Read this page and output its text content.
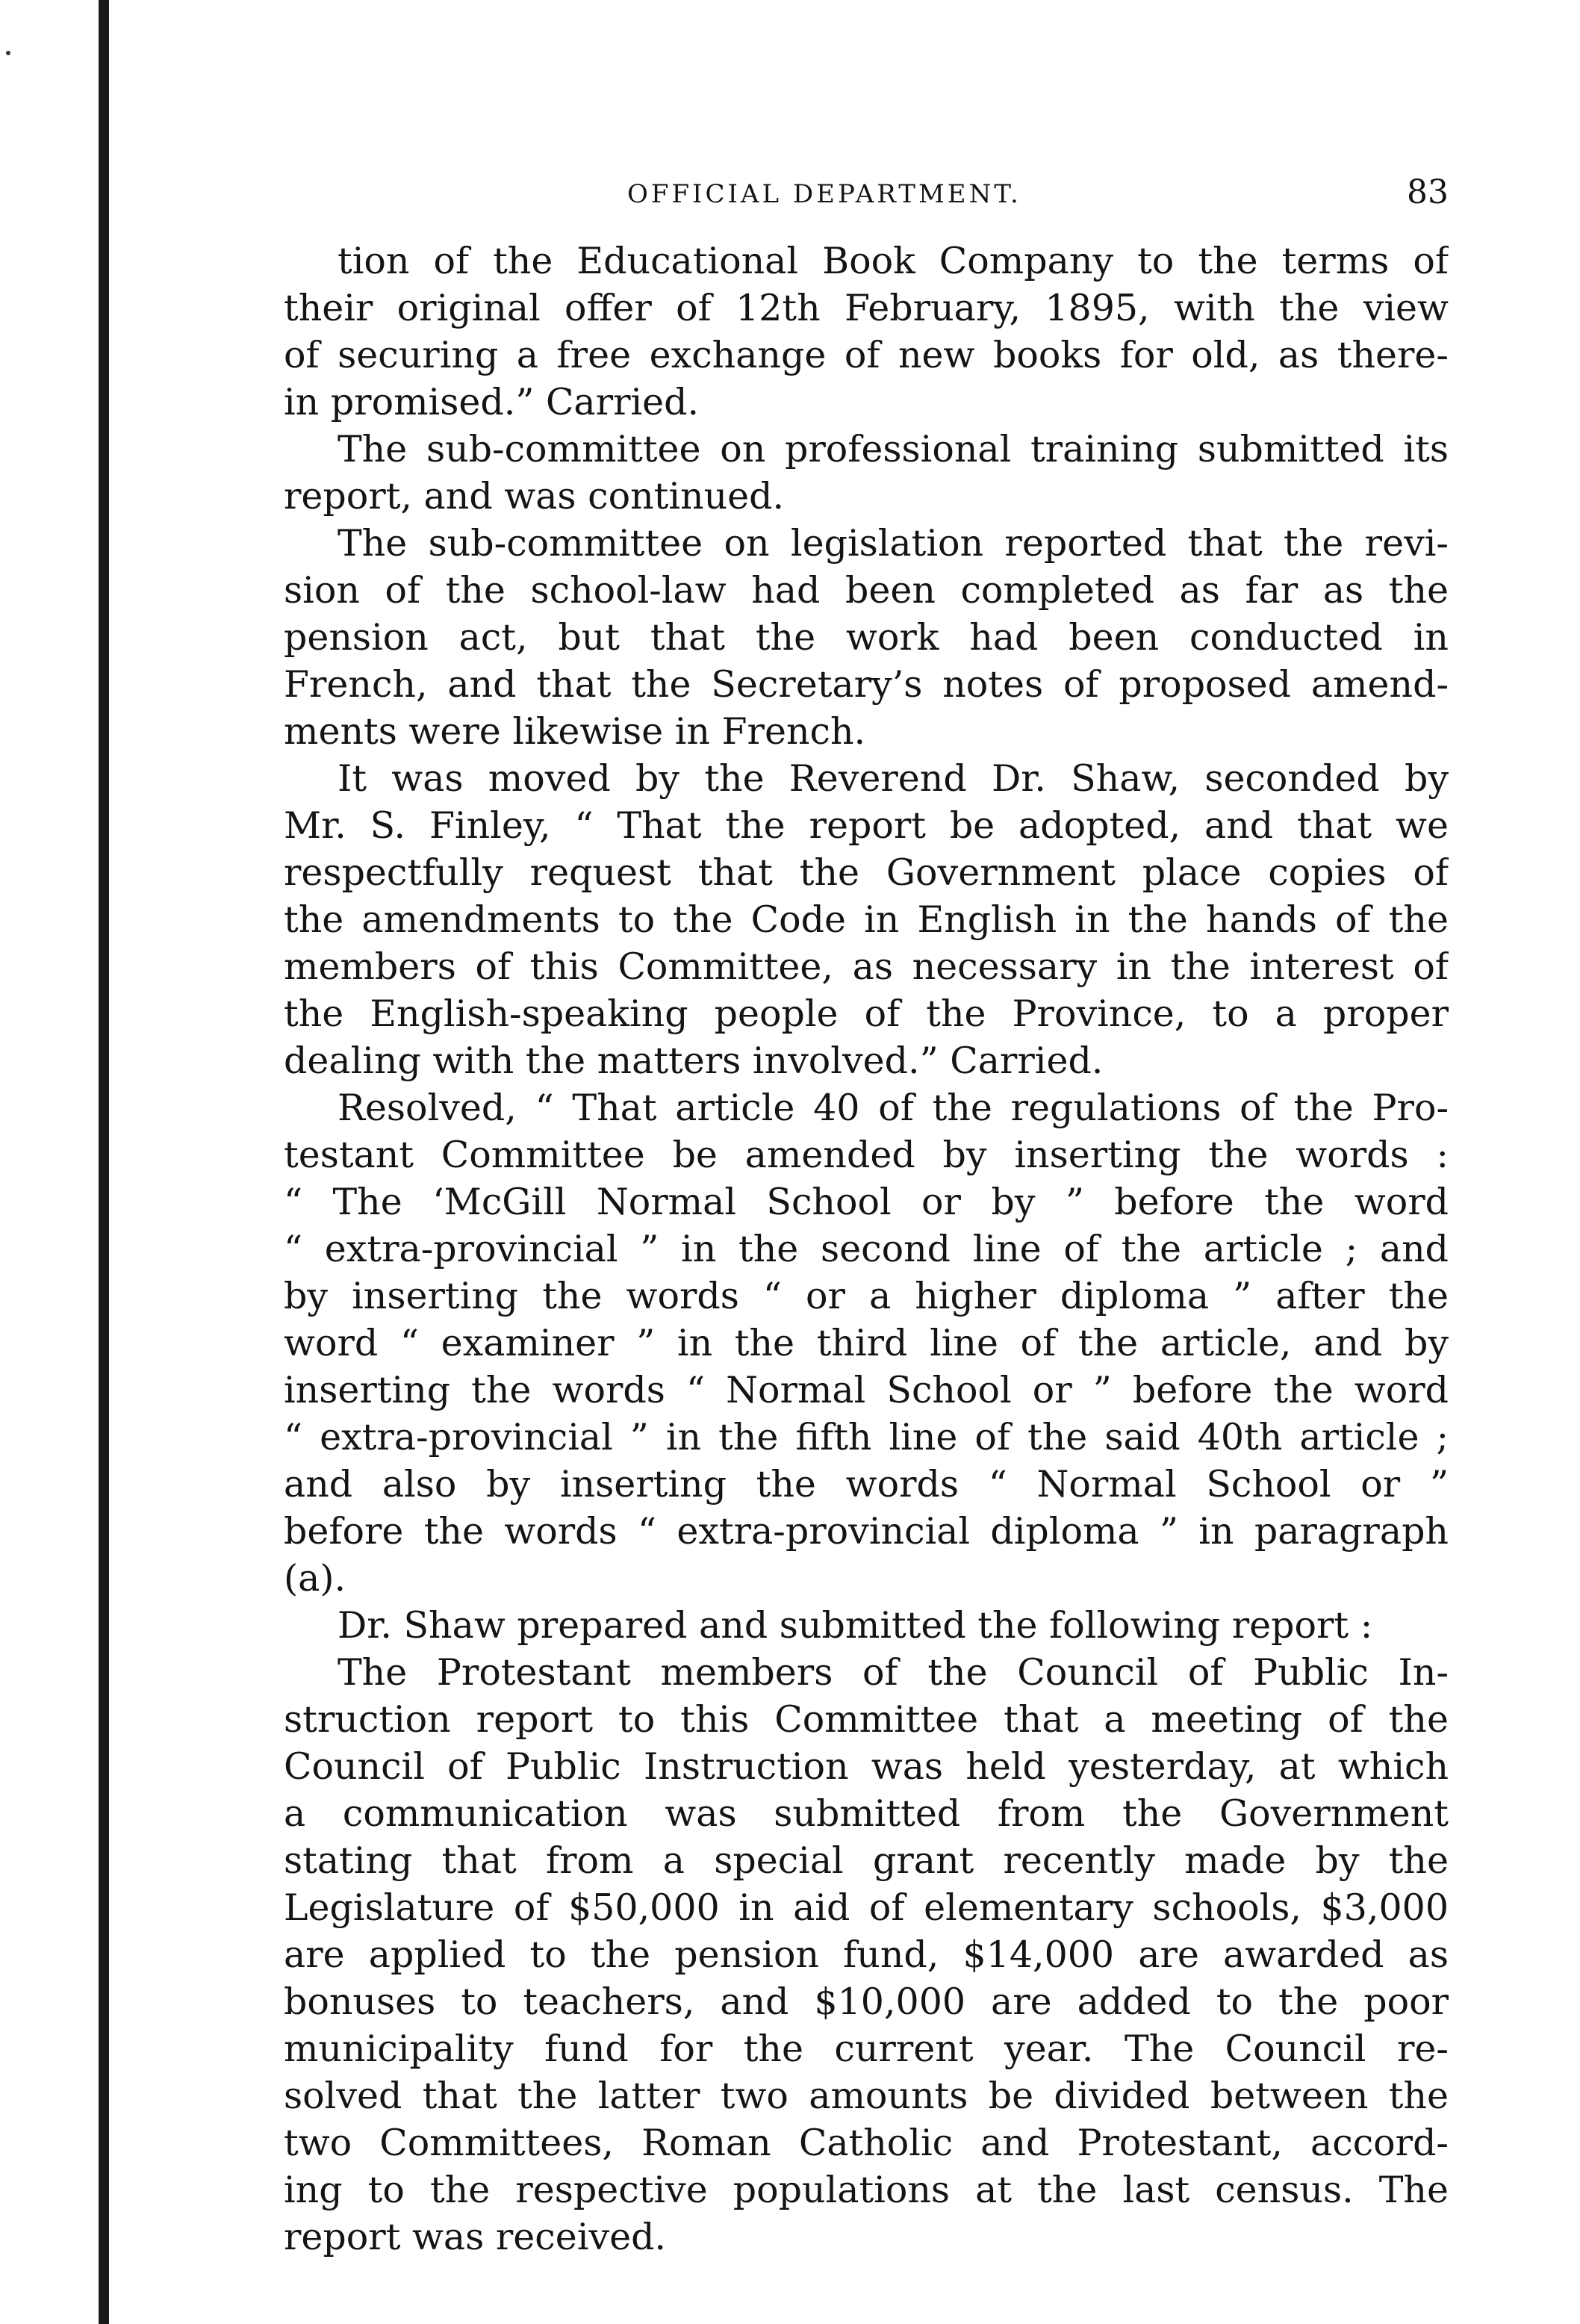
OFFICIAL DEPARTMENT.	83

tion of the Educational Book Company to the terms of
their original offer of 12th February, 1895, with the view
of securing a free exchange of new books for old, as there-
in promised.” Carried.

The sub-committee on professional training submitted its
report, and was continued.

The sub-committee on legislation reported that the revi-
sion of the school-law had been completed as far as the
pension act, but that the work had been conducted in
French, and that the Secretary’s notes of proposed amend-
ments were likewise in French.

It was moved by the Reverend Dr. Shaw, seconded by
Mr. S. Finley, “ That the report be adopted, and that we
respectfully request that the Government place copies of
the amendments to the Code in English in the hands of the
members of this Committee, as necessary in the interest of
the English-speaking people of the Province, to a proper
dealing with the matters involved.” Carried.

Resolved, “ That article 40 of the regulations of the Pro-
testant Committee be amended by inserting the words :
“ The ‘McGill Normal School or by ” before the word
“ extra-provincial ” in the second line of the article ; and
by inserting the words “ or a higher diploma ” after the
word “ examiner ” in the third line of the article, and by
inserting the words “ Normal School or ” before the word
“ extra-provincial ” in the fifth line of the said 40th article ;
and also by inserting the words “ Normal School or ”
before the words “ extra-provincial diploma ” in paragraph
(a).

Dr. Shaw prepared and submitted the following report :

The Protestant members of the Council of Public In-
struction report to this Committee that a meeting of the
Council of Public Instruction was held yesterday, at which
a communication was submitted from the Government
stating that from a special grant recently made by the
Legislature of $50,000 in aid of elementary schools, $3,000
are applied to the pension fund, $14,000 are awarded as
bonuses to teachers, and $10,000 are added to the poor
municipality fund for the current year. The Council re-
solved that the latter two amounts be divided between the
two Committees, Roman Catholic and Protestant, accord-
ing to the respective populations at the last census. The
report was received.
